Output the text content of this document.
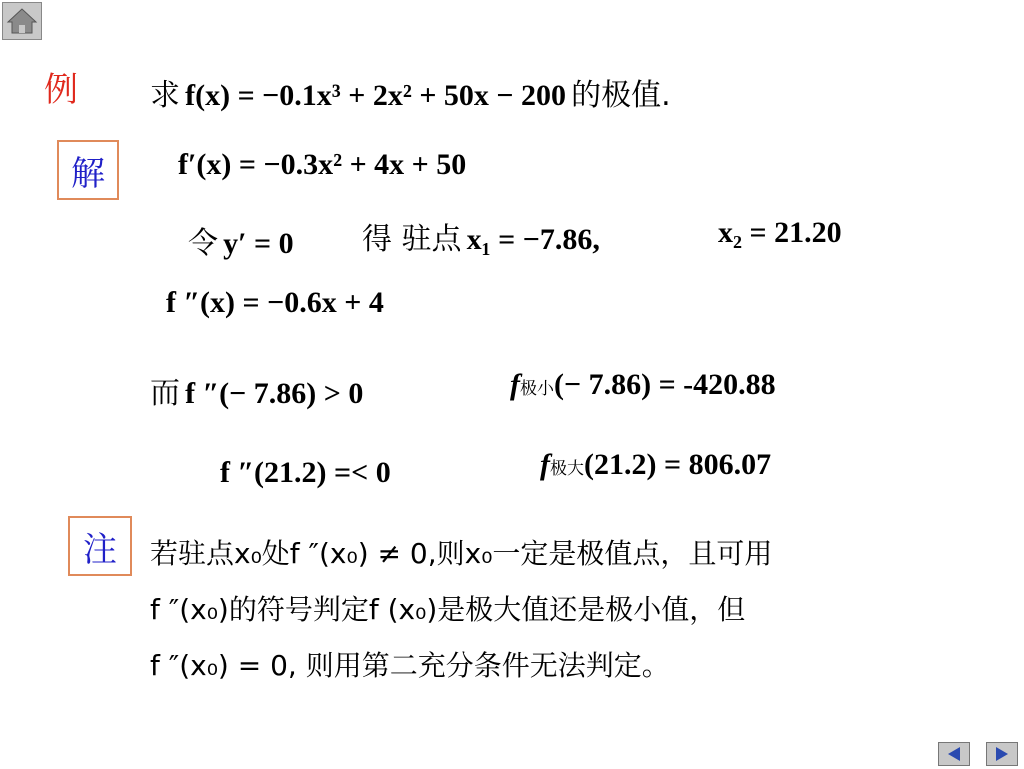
例 求 f(x) = −0.1x³ + 2x² + 50x − 200 的极值.
解	f′(x) = −0.3x² + 4x + 50
令 y′ = 0 得 驻点 x₁ = −7.86,	x₂ = 21.20
f ″(x) = −0.6x + 4
而 f ″(− 7.86) > 0	f极小(− 7.86) = -420.88
f ″(21.2) =< 0	f极大(21.2) = 806.07
注	若驻点x₀处f ″(x₀) ≠ 0,则x₀一定是极值点，且可用
f ″(x₀)的符号判定f (x₀)是极大值还是极小值，但
f ″(x₀) = 0, 则用第二充分条件无法判定。
